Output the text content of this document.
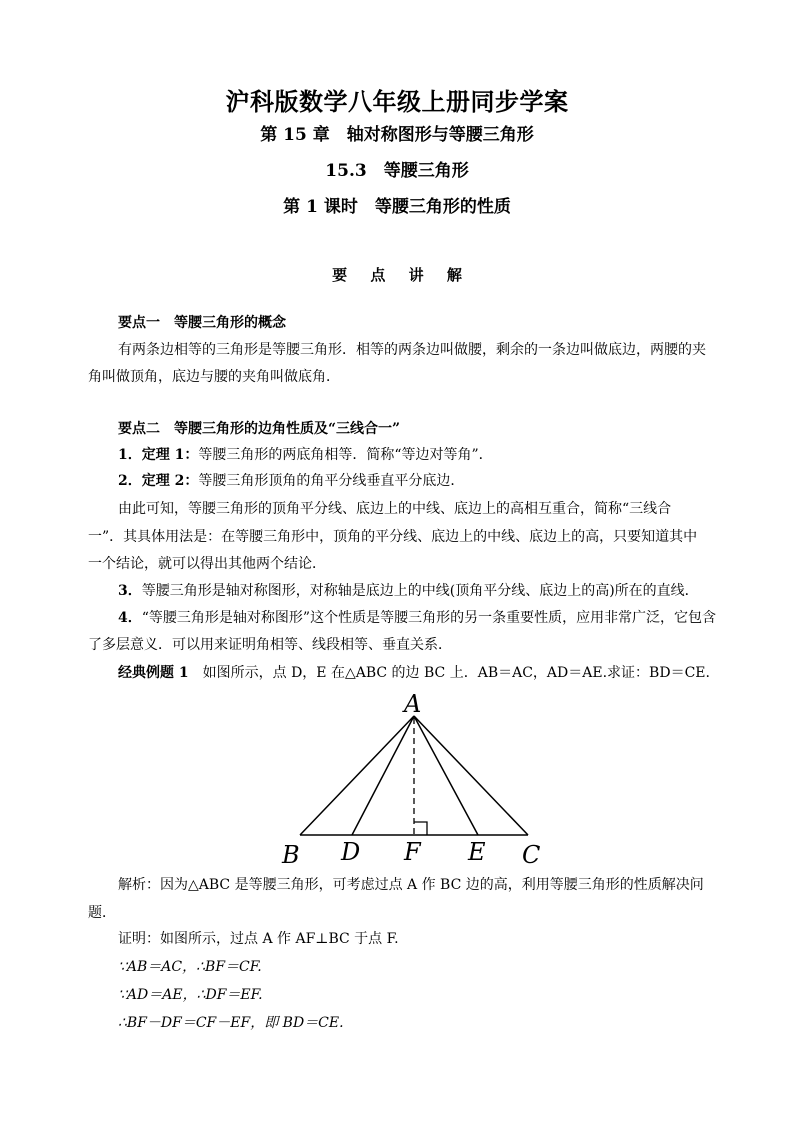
沪科版数学八年级上册同步学案
第 15 章　轴对称图形与等腰三角形
15.3　等腰三角形
第 1 课时　等腰三角形的性质
要 点 讲 解
要点一　等腰三角形的概念
有两条边相等的三角形是等腰三角形．相等的两条边叫做腰，剩余的一条边叫做底边，两腰的夹
角叫做顶角，底边与腰的夹角叫做底角．
要点二　等腰三角形的边角性质及“三线合一”
1．定理 1：等腰三角形的两底角相等．简称“等边对等角”．
2．定理 2：等腰三角形顶角的角平分线垂直平分底边．
由此可知，等腰三角形的顶角平分线、底边上的中线、底边上的高相互重合，简称“三线合
一”．其具体用法是：在等腰三角形中，顶角的平分线、底边上的中线、底边上的高，只要知道其中
一个结论，就可以得出其他两个结论．
3．等腰三角形是轴对称图形，对称轴是底边上的中线(顶角平分线、底边上的高)所在的直线．
4．“等腰三角形是轴对称图形”这个性质是等腰三角形的另一条重要性质，应用非常广泛，它包含
了多层意义．可以用来证明角相等、线段相等、垂直关系．
经典例题 1　 如图所示，点 D，E 在△ABC 的边 BC 上．AB＝AC，AD＝AE.求证：BD＝CE.
A
B D F E C
解析：因为△ABC 是等腰三角形，可考虑过点 A 作 BC 边的高，利用等腰三角形的性质解决问
题．
证明：如图所示，过点 A 作 AF⊥BC 于点 F.
∵AB＝AC，∴BF＝CF.
∵AD＝AE，∴DF＝EF.
∴BF－DF＝CF－EF，即 BD＝CE.
